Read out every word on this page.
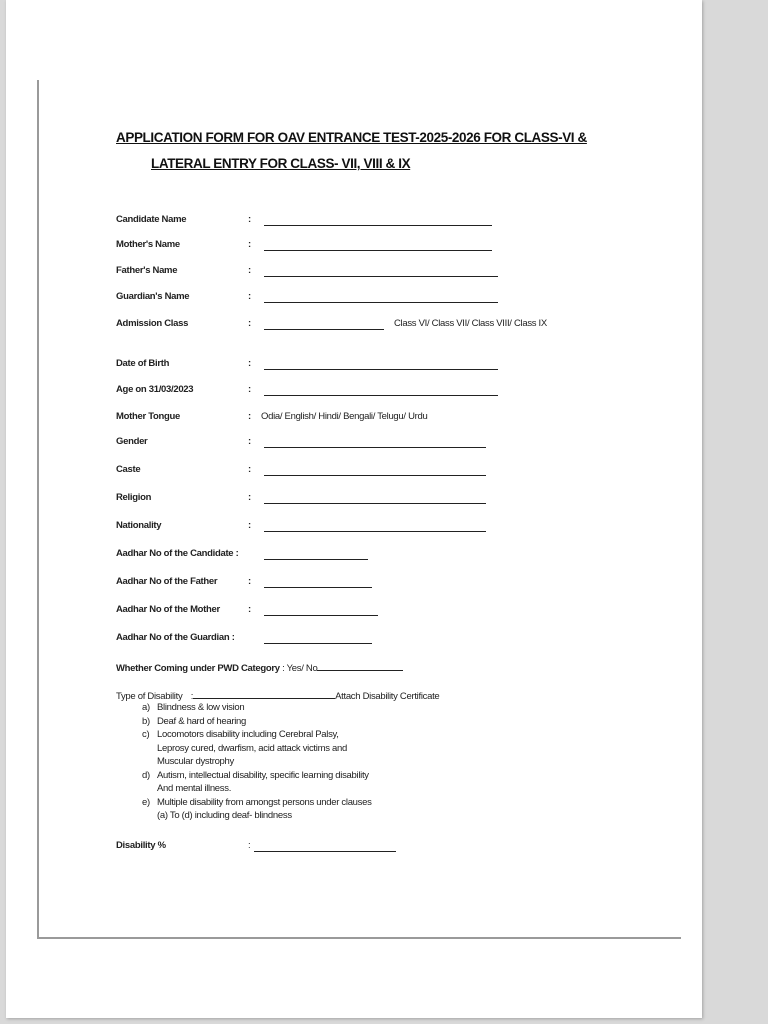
APPLICATION FORM FOR OAV ENTRANCE TEST-2025-2026 FOR CLASS-VI &
LATERAL ENTRY FOR CLASS- VII, VIII & IX
Candidate Name	:
Mother's Name	:
Father's Name	:
Guardian's Name	:
Admission Class	:	Class VI/ Class VII/ Class VIII/ Class IX
Date of Birth	:
Age on 31/03/2023	:
Mother Tongue	: Odia/ English/ Hindi/ Bengali/ Telugu/ Urdu
Gender	:
Caste	:
Religion	:
Nationality	:
Aadhar No of the Candidate :
Aadhar No of the Father	:
Aadhar No of the Mother	:
Aadhar No of the Guardian :
Whether Coming under PWD Category : Yes/ No
Type of Disability :	Attach Disability Certificate
a) Blindness & low vision
b) Deaf & hard of hearing
c) Locomotors disability including Cerebral Palsy,
Leprosy cured, dwarfism, acid attack victims and
Muscular dystrophy
d) Autism, intellectual disability, specific learning disability
And mental illness.
e) Multiple disability from amongst persons under clauses
(a) To (d) including deaf- blindness
Disability %	:
